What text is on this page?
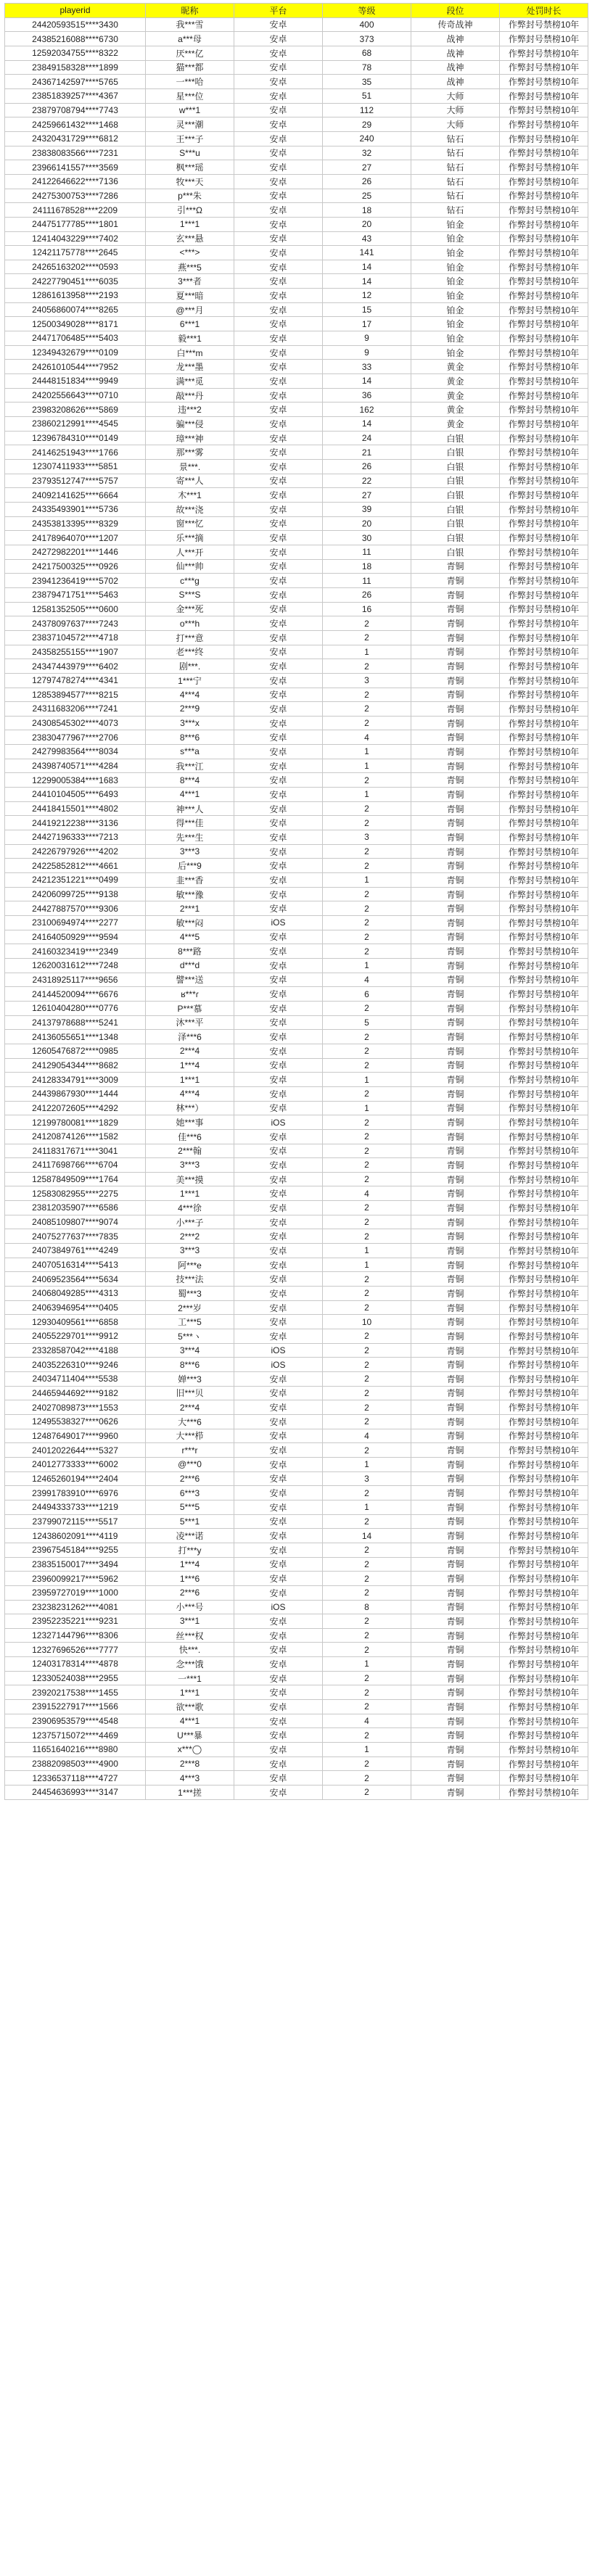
playerid	昵称	平台	等级	段位	处罚时长
24420593515****3430	我***雪	安卓	400	传奇战神	作弊封号禁榜10年
24385216088****6730	a***母	安卓	373	战神	作弊封号禁榜10年
12592034755****8322	厌***亿	安卓	68	战神	作弊封号禁榜10年
23849158328****1899	猫***都	安卓	78	战神	作弊封号禁榜10年
24367142597****5765	一***哈	安卓	35	战神	作弊封号禁榜10年
23851839257****4367	星***位	安卓	51	大师	作弊封号禁榜10年
23879708794****7743	w***1	安卓	112	大师	作弊封号禁榜10年
24259661432****1468	灵***潮	安卓	29	大师	作弊封号禁榜10年
24320431729****6812	王***子	安卓	240	钻石	作弊封号禁榜10年
23838083566****7231	S***u	安卓	32	钻石	作弊封号禁榜10年
23966141557****3569	枫***瑶	安卓	27	钻石	作弊封号禁榜10年
24122646622****7136	牧***天	安卓	26	钻石	作弊封号禁榜10年
24275300753****7286	p***朱	安卓	25	钻石	作弊封号禁榜10年
24111678528****2209	引***Ω	安卓	18	钻石	作弊封号禁榜10年
24475177785****1801	1***1	安卓	20	铂金	作弊封号禁榜10年
12414043229****7402	玄***悬	安卓	43	铂金	作弊封号禁榜10年
12421175778****2645	<***>	安卓	141	铂金	作弊封号禁榜10年
24265163202****0593	燕***5	安卓	14	铂金	作弊封号禁榜10年
24227790451****6035	3***者	安卓	14	铂金	作弊封号禁榜10年
12861613958****2193	夏***暗	安卓	12	铂金	作弊封号禁榜10年
24056860074****8265	@***月	安卓	15	铂金	作弊封号禁榜10年
12500349028****8171	6***1	安卓	17	铂金	作弊封号禁榜10年
24471706485****5403	毅***1	安卓	9	铂金	作弊封号禁榜10年
12349432679****0109	白***m	安卓	9	铂金	作弊封号禁榜10年
24261010544****7952	龙***墨	安卓	33	黄金	作弊封号禁榜10年
24448151834****9949	满***觅	安卓	14	黄金	作弊封号禁榜10年
24202556643****0710	敲***丹	安卓	36	黄金	作弊封号禁榜10年
23983208626****5869	违***2	安卓	162	黄金	作弊封号禁榜10年
23860212991****4545	骗***侵	安卓	14	黄金	作弊封号禁榜10年
12396784310****0149	璋***神	安卓	24	白银	作弊封号禁榜10年
24146251943****1766	那***雾	安卓	21	白银	作弊封号禁榜10年
12307411933****5851	景***.	安卓	26	白银	作弊封号禁榜10年
23793512747****5757	寄***人	安卓	22	白银	作弊封号禁榜10年
24092141625****6664	木***1	安卓	27	白银	作弊封号禁榜10年
24335493901****5736	故***浇	安卓	39	白银	作弊封号禁榜10年
24353813395****8329	窗***忆	安卓	20	白银	作弊封号禁榜10年
24178964070****1207	乐***摘	安卓	30	白银	作弊封号禁榜10年
24272982201****1446	人***开	安卓	11	白银	作弊封号禁榜10年
24217500325****0926	仙***帅	安卓	18	青铜	作弊封号禁榜10年
23941236419****5702	c***g	安卓	11	青铜	作弊封号禁榜10年
23879471751****5463	S***S	安卓	26	青铜	作弊封号禁榜10年
12581352505****0600	金***死	安卓	16	青铜	作弊封号禁榜10年
24378097637****7243	o***h	安卓	2	青铜	作弊封号禁榜10年
23837104572****4718	打***意	安卓	2	青铜	作弊封号禁榜10年
24358255155****1907	老***终	安卓	1	青铜	作弊封号禁榜10年
24347443979****6402	剧***.	安卓	2	青铜	作弊封号禁榜10年
12797478274****4341	1***宁	安卓	3	青铜	作弊封号禁榜10年
12853894577****8215	4***4	安卓	2	青铜	作弊封号禁榜10年
24311683206****7241	2***9	安卓	2	青铜	作弊封号禁榜10年
24308545302****4073	3***x	安卓	2	青铜	作弊封号禁榜10年
23830477967****2706	8***6	安卓	4	青铜	作弊封号禁榜10年
24279983564****8034	s***a	安卓	1	青铜	作弊封号禁榜10年
24398740571****4284	我***江	安卓	1	青铜	作弊封号禁榜10年
12299005384****1683	8***4	安卓	2	青铜	作弊封号禁榜10年
24410104505****6493	4***1	安卓	1	青铜	作弊封号禁榜10年
24418415501****4802	神***人	安卓	2	青铜	作弊封号禁榜10年
24419212238****3136	得***佳	安卓	2	青铜	作弊封号禁榜10年
24427196333****7213	先***生	安卓	3	青铜	作弊封号禁榜10年
24226797926****4202	3***3	安卓	2	青铜	作弊封号禁榜10年
24225852812****4661	后***9	安卓	2	青铜	作弊封号禁榜10年
24212351221****0499	韭***香	安卓	1	青铜	作弊封号禁榜10年
24206099725****9138	敏***豫	安卓	2	青铜	作弊封号禁榜10年
24427887570****9306	2***1	安卓	2	青铜	作弊封号禁榜10年
23100694974****2277	敏***闷	iOS	2	青铜	作弊封号禁榜10年
24164050929****9594	4***5	安卓	2	青铜	作弊封号禁榜10年
24160323419****2349	8***路	安卓	2	青铜	作弊封号禁榜10年
12620031612****7248	d***d	安卓	1	青铜	作弊封号禁榜10年
24318925117****9656	譬***送	安卓	4	青铜	作弊封号禁榜10年
24144520094****6676	ʁ***ɾ	安卓	6	青铜	作弊封号禁榜10年
12610404280****0776	P***慕	安卓	2	青铜	作弊封号禁榜10年
24137978688****5241	沐***平	安卓	5	青铜	作弊封号禁榜10年
24136055651****1348	泽***6	安卓	2	青铜	作弊封号禁榜10年
12605476872****0985	2***4	安卓	2	青铜	作弊封号禁榜10年
24129054344****8682	1***4	安卓	2	青铜	作弊封号禁榜10年
24128334791****3009	1***1	安卓	1	青铜	作弊封号禁榜10年
24439867930****1444	4***4	安卓	2	青铜	作弊封号禁榜10年
24122072605****4292	林***）	安卓	1	青铜	作弊封号禁榜10年
12199780081****1829	她***事	iOS	2	青铜	作弊封号禁榜10年
24120874126****1582	佳***6	安卓	2	青铜	作弊封号禁榜10年
24118317671****3041	2***翰	安卓	2	青铜	作弊封号禁榜10年
24117698766****6704	3***3	安卓	2	青铜	作弊封号禁榜10年
12587849509****1764	美***摸	安卓	2	青铜	作弊封号禁榜10年
12583082955****2275	1***1	安卓	4	青铜	作弊封号禁榜10年
23812035907****6586	4***徐	安卓	2	青铜	作弊封号禁榜10年
24085109807****9074	小***子	安卓	2	青铜	作弊封号禁榜10年
24075277637****7835	2***2	安卓	2	青铜	作弊封号禁榜10年
24073849761****4249	3***3	安卓	1	青铜	作弊封号禁榜10年
24070516314****5413	阿***e	安卓	1	青铜	作弊封号禁榜10年
24069523564****5634	技***法	安卓	2	青铜	作弊封号禁榜10年
24068049285****4313	蜀***3	安卓	2	青铜	作弊封号禁榜10年
24063946954****0405	2***岁	安卓	2	青铜	作弊封号禁榜10年
12930409561****6858	工***5	安卓	10	青铜	作弊封号禁榜10年
24055229701****9912	5***ヽ	安卓	2	青铜	作弊封号禁榜10年
23328587042****4188	3***4	iOS	2	青铜	作弊封号禁榜10年
24035226310****9246	8***6	iOS	2	青铜	作弊封号禁榜10年
24034711404****5538	婵***3	安卓	2	青铜	作弊封号禁榜10年
24465944692****9182	旧***贝	安卓	2	青铜	作弊封号禁榜10年
24027089873****1553	2***4	安卓	2	青铜	作弊封号禁榜10年
12495538327****0626	大***6	安卓	2	青铜	作弊封号禁榜10年
12487649017****9960	大***栉	安卓	4	青铜	作弊封号禁榜10年
24012022644****5327	r***r	安卓	2	青铜	作弊封号禁榜10年
24012773333****6002	@***0	安卓	1	青铜	作弊封号禁榜10年
12465260194****2404	2***6	安卓	3	青铜	作弊封号禁榜10年
23991783910****6976	6***3	安卓	2	青铜	作弊封号禁榜10年
24494333733****1219	5***5	安卓	1	青铜	作弊封号禁榜10年
23799072115****5517	5***1	安卓	2	青铜	作弊封号禁榜10年
12438602091****4119	凌***诺	安卓	14	青铜	作弊封号禁榜10年
23967545184****9255	打***y	安卓	2	青铜	作弊封号禁榜10年
23835150017****3494	1***4	安卓	2	青铜	作弊封号禁榜10年
23960099217****5962	1***6	安卓	2	青铜	作弊封号禁榜10年
23959727019****1000	2***6	安卓	2	青铜	作弊封号禁榜10年
23238231262****4081	小***号	iOS	8	青铜	作弊封号禁榜10年
23952235221****9231	3***1	安卓	2	青铜	作弊封号禁榜10年
12327144796****8306	丝***权	安卓	2	青铜	作弊封号禁榜10年
12327696526****7777	快***.	安卓	2	青铜	作弊封号禁榜10年
12403178314****4878	念***饿	安卓	1	青铜	作弊封号禁榜10年
12330524038****2955	一***1	安卓	2	青铜	作弊封号禁榜10年
23920217538****1455	1***1	安卓	2	青铜	作弊封号禁榜10年
23915227917****1566	欲***歌	安卓	2	青铜	作弊封号禁榜10年
23906953579****4548	4***1	安卓	4	青铜	作弊封号禁榜10年
12375715072****4469	U***暴	安卓	2	青铜	作弊封号禁榜10年
11651640216****8980	x***◯	安卓	1	青铜	作弊封号禁榜10年
23882098503****4900	2***8	安卓	2	青铜	作弊封号禁榜10年
12336537118****4727	4***3	安卓	2	青铜	作弊封号禁榜10年
24454636993****3147	1***搓	安卓	2	青铜	作弊封号禁榜10年
